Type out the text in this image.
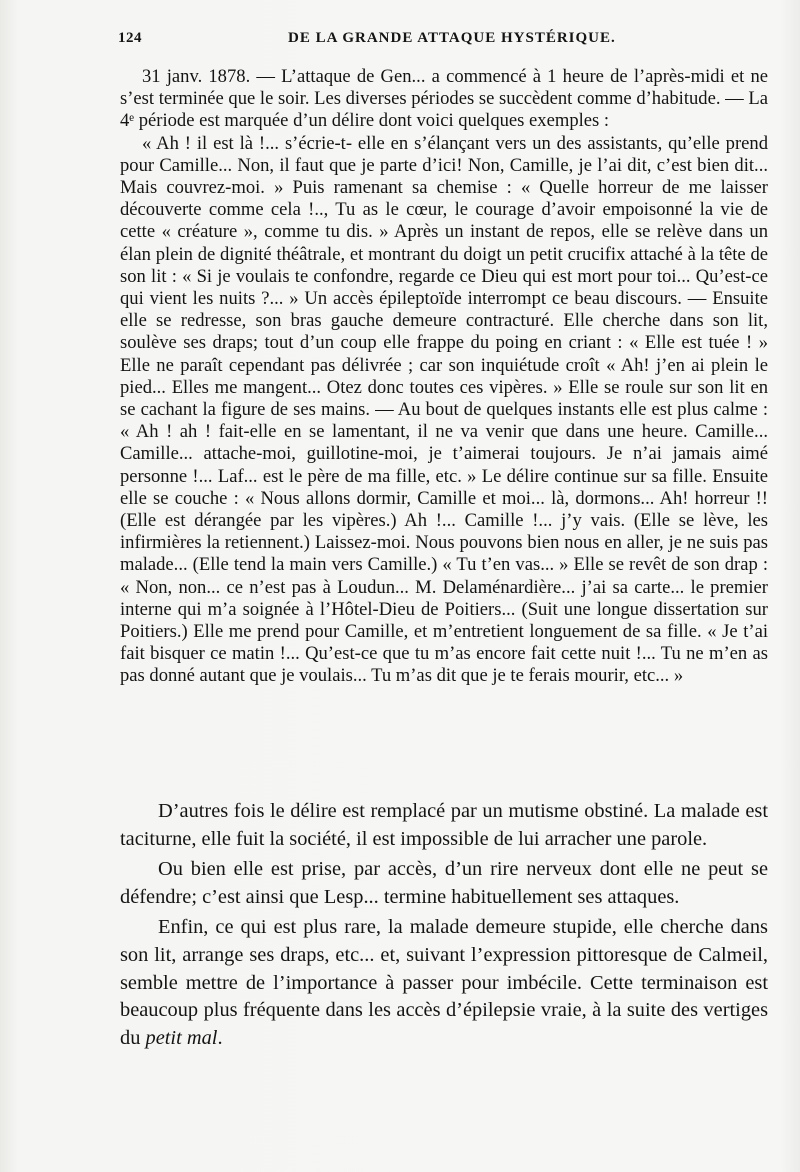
124	DE LA GRANDE ATTAQUE HYSTÉRIQUE.

31 janv. 1878. — L’attaque de Gen... a commencé à 1 heure de l’après-midi et ne s’est terminée que le soir. Les diverses périodes se succèdent comme d’habitude. — La 4ᵉ période est marquée d’un délire dont voici quelques exemples :

« Ah ! il est là !... s’écrie-t- elle en s’élançant vers un des assistants, qu’elle prend pour Camille... Non, il faut que je parte d’ici! Non, Camille, je l’ai dit, c’est bien dit... Mais couvrez-moi. » Puis ramenant sa chemise : « Quelle horreur de me laisser découverte comme cela !.., Tu as le cœur, le courage d’avoir empoisonné la vie de cette « créature », comme tu dis. » Après un instant de repos, elle se relève dans un élan plein de dignité théâtrale, et montrant du doigt un petit crucifix attaché à la tête de son lit : « Si je voulais te confondre, regarde ce Dieu qui est mort pour toi... Qu’est-ce qui vient les nuits ?... » Un accès épileptoïde interrompt ce beau discours. — Ensuite elle se redresse, son bras gauche demeure contracturé. Elle cherche dans son lit, soulève ses draps; tout d’un coup elle frappe du poing en criant : « Elle est tuée ! » Elle ne paraît cependant pas délivrée ; car son inquiétude croît « Ah! j’en ai plein le pied... Elles me mangent... Otez donc toutes ces vipères. » Elle se roule sur son lit en se cachant la figure de ses mains. — Au bout de quelques instants elle est plus calme : « Ah ! ah ! fait-elle en se lamentant, il ne va venir que dans une heure. Camille... Camille... attache-moi, guillotine-moi, je t’aimerai toujours. Je n’ai jamais aimé personne !... Laf... est le père de ma fille, etc. » Le délire continue sur sa fille. Ensuite elle se couche : « Nous allons dormir, Camille et moi... là, dormons... Ah! horreur !! (Elle est dérangée par les vipères.) Ah !... Camille !... j’y vais. (Elle se lève, les infirmières la retiennent.) Laissez-moi. Nous pouvons bien nous en aller, je ne suis pas malade... (Elle tend la main vers Camille.) « Tu t’en vas... » Elle se revêt de son drap : « Non, non... ce n’est pas à Loudun... M. Delaménardière... j’ai sa carte... le premier interne qui m’a soignée à l’Hôtel-Dieu de Poitiers... (Suit une longue dissertation sur Poitiers.) Elle me prend pour Camille, et m’entretient longuement de sa fille. « Je t’ai fait bisquer ce matin !... Qu’est-ce que tu m’as encore fait cette nuit !... Tu ne m’en as pas donné autant que je voulais... Tu m’as dit que je te ferais mourir, etc... »

D’autres fois le délire est remplacé par un mutisme obstiné. La malade est taciturne, elle fuit la société, il est impossible de lui arracher une parole.

Ou bien elle est prise, par accès, d’un rire nerveux dont elle ne peut se défendre; c’est ainsi que Lesp... termine habituellement ses attaques.

Enfin, ce qui est plus rare, la malade demeure stupide, elle cherche dans son lit, arrange ses draps, etc... et, suivant l’expression pittoresque de Calmeil, semble mettre de l’importance à passer pour imbécile. Cette terminaison est beaucoup plus fréquente dans les accès d’épilepsie vraie, à la suite des vertiges du petit mal.
